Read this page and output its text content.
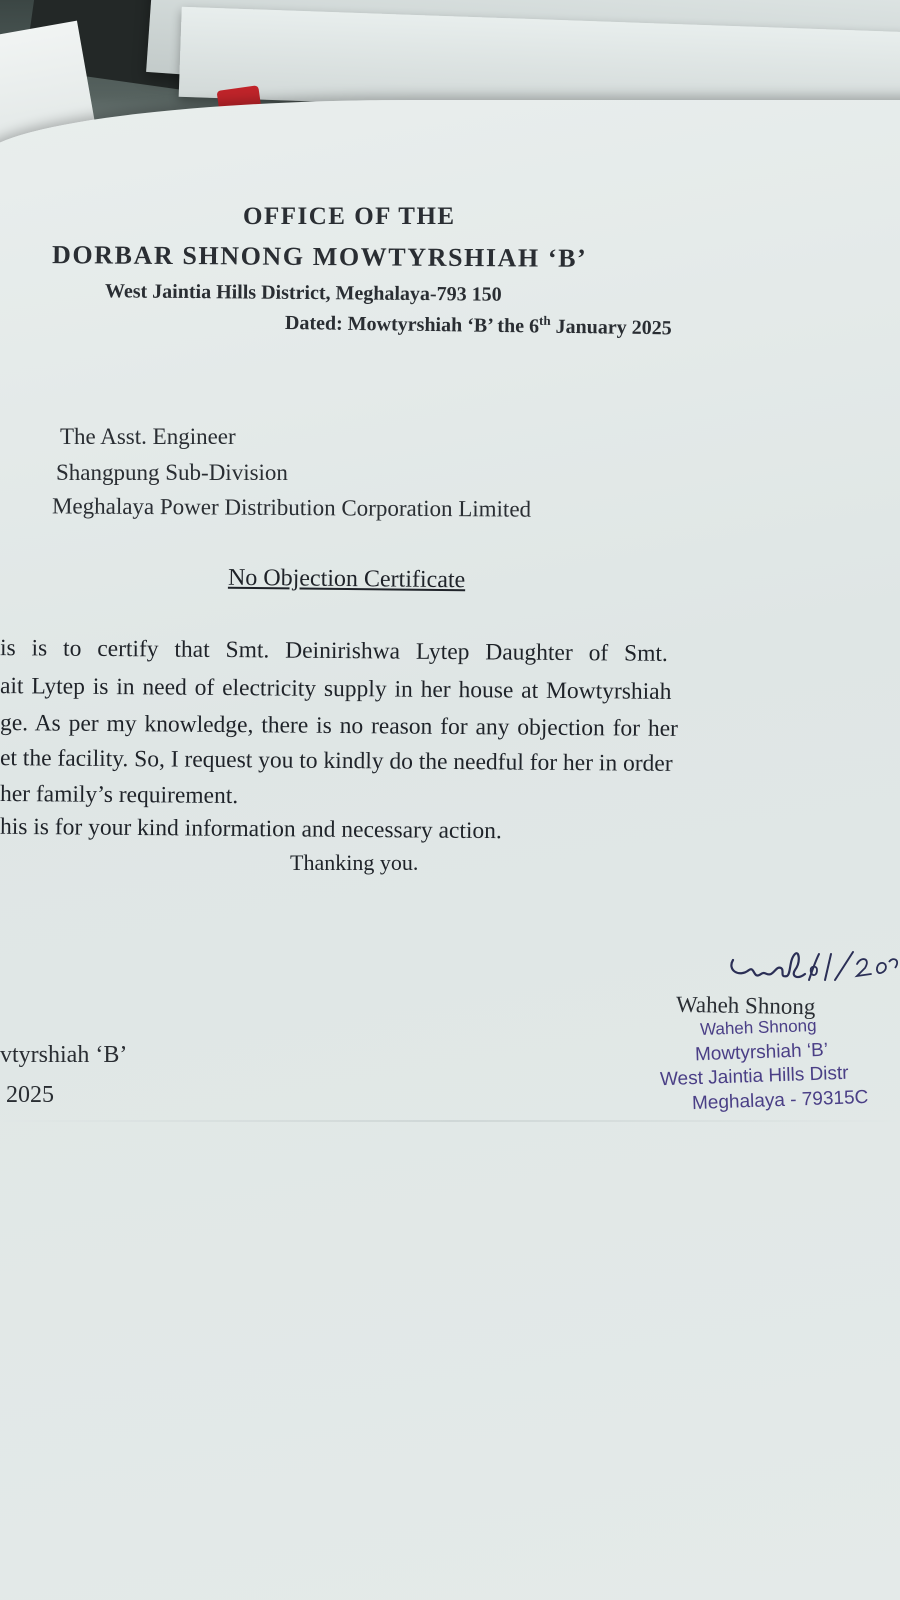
OFFICE OF THE
DORBAR SHNONG MOWTYRSHIAH ‘B’
West Jaintia Hills District, Meghalaya-793 150
Dated: Mowtyrshiah ‘B’ the 6th January 2025
The Asst. Engineer
Shangpung Sub-Division
Meghalaya Power Distribution Corporation Limited
No Objection Certificate
is is to certify that Smt. Deinirishwa Lytep Daughter of Smt.
ait Lytep is in need of electricity supply in her house at Mowtyrshiah
ge. As per my knowledge, there is no reason for any objection for her
et the facility. So, I request you to kindly do the needful for her in order
her family’s requirement.
his is for your kind information and necessary action.
Thanking you.
vtyrshiah ‘B’
2025
Waheh Shnong
Waheh Shnong
Mowtyrshiah ‘B’
West Jaintia Hills Distr
Meghalaya - 79315C
